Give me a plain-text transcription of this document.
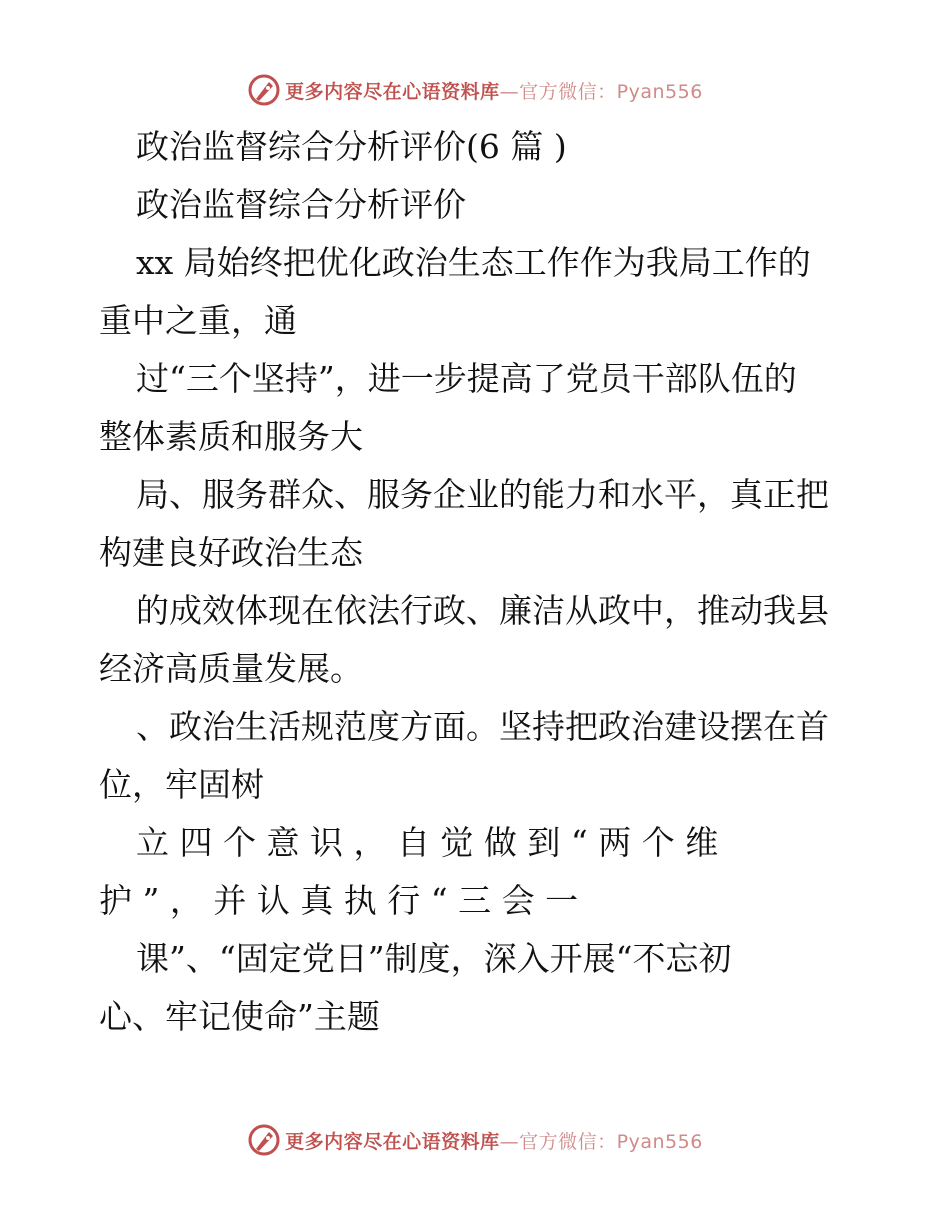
更多内容尽在心语资料库 —官方微信：Pyan556
政治监督综合分析评价(6 篇 )
政治监督综合分析评价
xx 局始终把优化政治生态工作作为我局工作的
重中之重，通
过“三个坚持”，进一步提高了党员干部队伍的
整体素质和服务大
局、服务群众、服务企业的能力和水平，真正把
构建良好政治生态
的成效体现在依法行政、廉洁从政中，推动我县
经济高质量发展。
、政治生活规范度方面。坚持把政治建设摆在首
位，牢固树
立 四 个 意 识 ， 自 觉 做 到 “ 两 个 维
护 ” ， 并 认 真 执 行 “ 三 会 一
课”、“固定党日”制度，深入开展“不忘初
心、牢记使命”主题
更多内容尽在心语资料库 —官方微信：Pyan556
